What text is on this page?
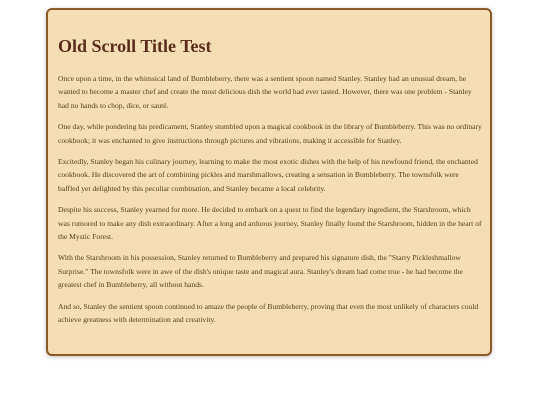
Old Scroll Title Test

Once upon a time, in the whimsical land of Bumbleberry, there was a sentient spoon named Stanley. Stanley had an unusual dream, he wanted to become a master chef and create the most delicious dish the world had ever tasted. However, there was one problem - Stanley had no hands to chop, dice, or sauté.

One day, while pondering his predicament, Stanley stumbled upon a magical cookbook in the library of Bumbleberry. This was no ordinary cookbook; it was enchanted to give instructions through pictures and vibrations, making it accessible for Stanley.

Excitedly, Stanley began his culinary journey, learning to make the most exotic dishes with the help of his newfound friend, the enchanted cookbook. He discovered the art of combining pickles and marshmallows, creating a sensation in Bumbleberry. The townsfolk were baffled yet delighted by this peculiar combination, and Stanley became a local celebrity.

Despite his success, Stanley yearned for more. He decided to embark on a quest to find the legendary ingredient, the Starshroom, which was rumored to make any dish extraordinary. After a long and arduous journey, Stanley finally found the Starshroom, hidden in the heart of the Mystic Forest.

With the Starshroom in his possession, Stanley returned to Bumbleberry and prepared his signature dish, the "Starry Pickleshmallow Surprise." The townsfolk were in awe of the dish's unique taste and magical aura. Stanley's dream had come true - he had become the greatest chef in Bumbleberry, all without hands.

And so, Stanley the sentient spoon continued to amaze the people of Bumbleberry, proving that even the most unlikely of characters could achieve greatness with determination and creativity.
